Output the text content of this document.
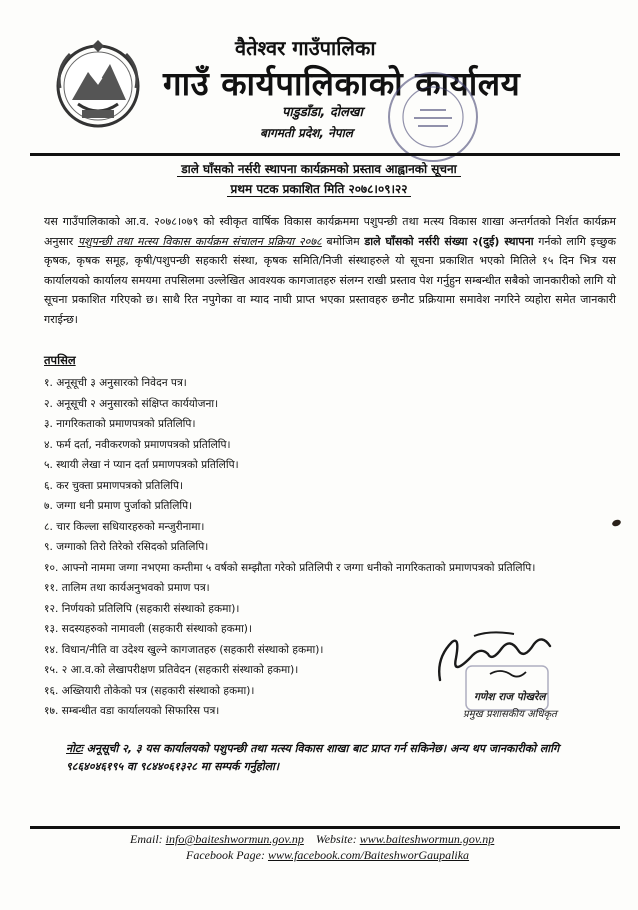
वैतेश्वर गाउँपालिका
गाउँ कार्यपालिकाको कार्यालय
पाडुडाँडा, दोलखा
बागमती प्रदेश, नेपाल
डाले घाँसको नर्सरी स्थापना कार्यक्रमको प्रस्ताव आह्वानको सूचना
प्रथम पटक प्रकाशित मिति २०७८।०९।२२
यस गाउँपालिकाको आ.व. २०७८।०७९ को स्वीकृत वार्षिक विकास कार्यक्रममा पशुपन्छी तथा मत्स्य विकास शाखा अन्तर्गतको निर्शत कार्यक्रम अनुसार पशुपन्छी तथा मत्स्य विकास कार्यक्रम संचालन प्रक्रिया २०७८ बमोजिम डाले घाँसको नर्सरी संख्या २(दुई) स्थापना गर्नको लागि इच्छुक कृषक, कृषक समूह, कृषी/पशुपन्छी सहकारी संस्था, कृषक समिति/निजी संस्थाहरुले यो सूचना प्रकाशित भएको मितिले १५ दिन भित्र यस कार्यालयको कार्यालय समयमा तपसिलमा उल्लेखित आवश्यक कागजातहरु संलग्न राखी प्रस्ताव पेश गर्नुहुन सम्बन्धीत सबैको जानकारीको लागि यो सूचना प्रकाशित गरिएको छ। साथै रित नपुगेका वा म्याद नाघी प्राप्त भएका प्रस्तावहरु छनौट प्रक्रियामा समावेश नगरिने व्यहोरा समेत जानकारी गराईन्छ।
तपसिल
१. अनूसूची ३ अनुसारको निवेदन पत्र।
२. अनूसूची २ अनुसारको संक्षिप्त कार्ययोजना।
३. नागरिकताको प्रमाणपत्रको प्रतिलिपि।
४. फर्म दर्ता, नवीकरणको प्रमाणपत्रको प्रतिलिपि।
५. स्थायी लेखा नं प्यान दर्ता प्रमाणपत्रको प्रतिलिपि।
६. कर चुक्ता प्रमाणपत्रको प्रतिलिपि।
७. जग्गा धनी प्रमाण पुर्जाको प्रतिलिपि।
८. चार किल्ला सधियारहरुको मन्जुरीनामा।
९. जग्गाको तिरो तिरेको रसिदको प्रतिलिपि।
१०. आफ्नो नाममा जग्गा नभएमा कम्तीमा ५ वर्षको सम्झौता गरेको प्रतिलिपी र जग्गा धनीको नागरिकताको प्रमाणपत्रको प्रतिलिपि।
११. तालिम तथा कार्यअनुभवको प्रमाण पत्र।
१२. निर्णयको प्रतिलिपि (सहकारी संस्थाको हकमा)।
१३. सदस्यहरुको नामावली (सहकारी संस्थाको हकमा)।
१४. विधान/नीति वा उदेश्य खुल्ने कागजातहरु (सहकारी संस्थाको हकमा)।
१५. २ आ.व.को लेखापरीक्षण प्रतिवेदन (सहकारी संस्थाको हकमा)।
१६. अख्तियारी तोकेको पत्र (सहकारी संस्थाको हकमा)।
१७. सम्बन्धीत वडा कार्यालयको सिफारिस पत्र।
गणेश राज पोखरेल
प्रमुख प्रशासकीय अधिकृत
नोटः अनूसूची २, ३ यस कार्यालयको पशुपन्छी तथा मत्स्य विकास शाखा बाट प्राप्त गर्न सकिनेछ। अन्य थप जानकारीको लागि ९८६४०४६१९५ वा ९८४४०६१३२८ मा सम्पर्क गर्नुहोला।
Email: info@baiteshwormun.gov.np Website: www.baiteshwormun.gov.np
Facebook Page: www.facebook.com/BaiteshworGaupalika
